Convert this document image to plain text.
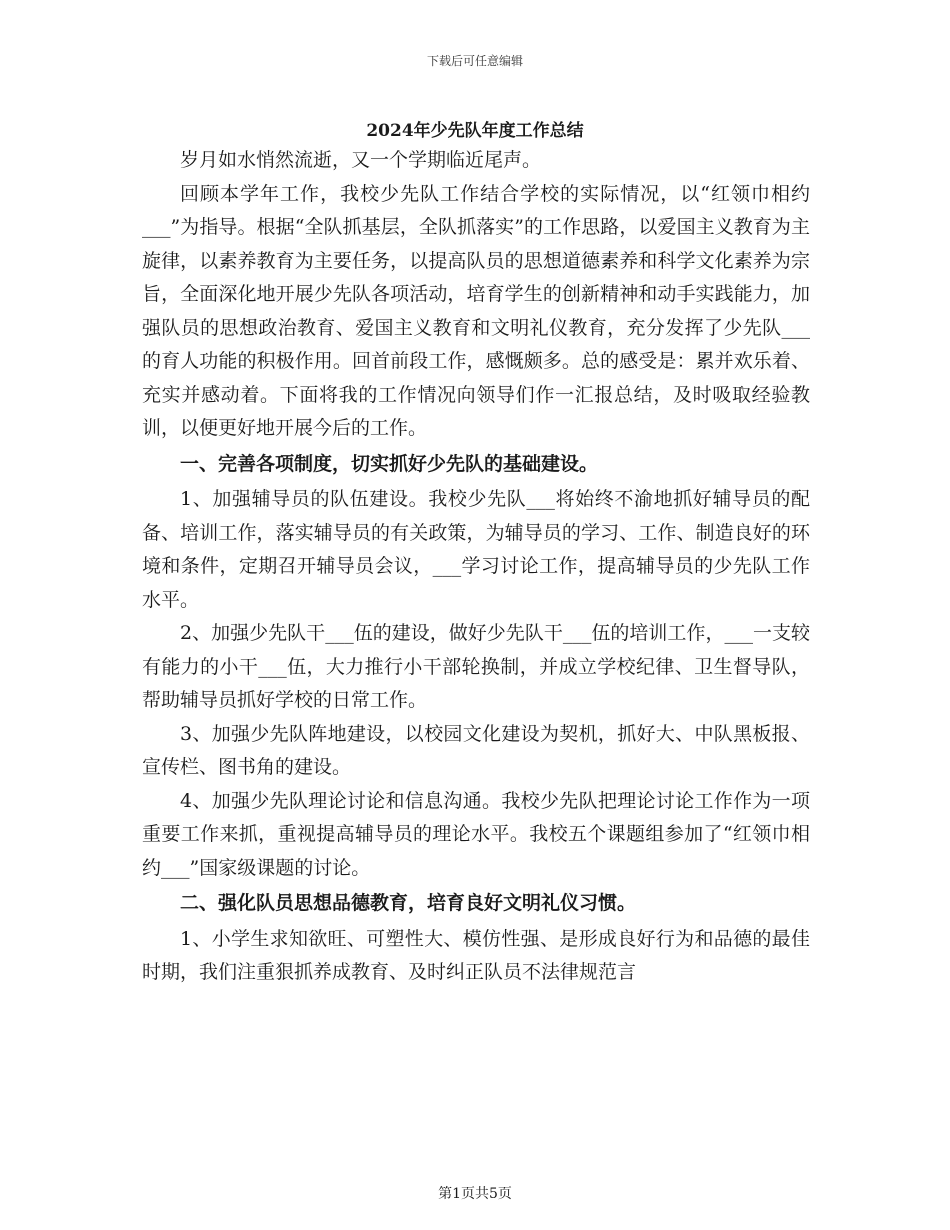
下载后可任意编辑
2024年少先队年度工作总结

岁月如水悄然流逝，又一个学期临近尾声。

回顾本学年工作，我校少先队工作结合学校的实际情况，以“红领巾相约___”为指导。根据“全队抓基层，全队抓落实”的工作思路，以爱国主义教育为主旋律，以素养教育为主要任务，以提高队员的思想道德素养和科学文化素养为宗旨，全面深化地开展少先队各项活动，培育学生的创新精神和动手实践能力，加强队员的思想政治教育、爱国主义教育和文明礼仪教育，充分发挥了少先队___的育人功能的积极作用。回首前段工作，感慨颇多。总的感受是：累并欢乐着、充实并感动着。下面将我的工作情况向领导们作一汇报总结，及时吸取经验教训，以便更好地开展今后的工作。

一、完善各项制度，切实抓好少先队的基础建设。

1、加强辅导员的队伍建设。我校少先队___将始终不渝地抓好辅导员的配备、培训工作，落实辅导员的有关政策，为辅导员的学习、工作、制造良好的环境和条件，定期召开辅导员会议，___学习讨论工作，提高辅导员的少先队工作水平。

2、加强少先队干___伍的建设，做好少先队干___伍的培训工作，___一支较有能力的小干___伍，大力推行小干部轮换制，并成立学校纪律、卫生督导队，帮助辅导员抓好学校的日常工作。

3、加强少先队阵地建设，以校园文化建设为契机，抓好大、中队黑板报、宣传栏、图书角的建设。

4、加强少先队理论讨论和信息沟通。我校少先队把理论讨论工作作为一项重要工作来抓，重视提高辅导员的理论水平。我校五个课题组参加了“红领巾相约___”国家级课题的讨论。

二、强化队员思想品德教育，培育良好文明礼仪习惯。

1、小学生求知欲旺、可塑性大、模仿性强、是形成良好行为和品德的最佳时期，我们注重狠抓养成教育、及时纠正队员不法律规范言

第1页共5页
